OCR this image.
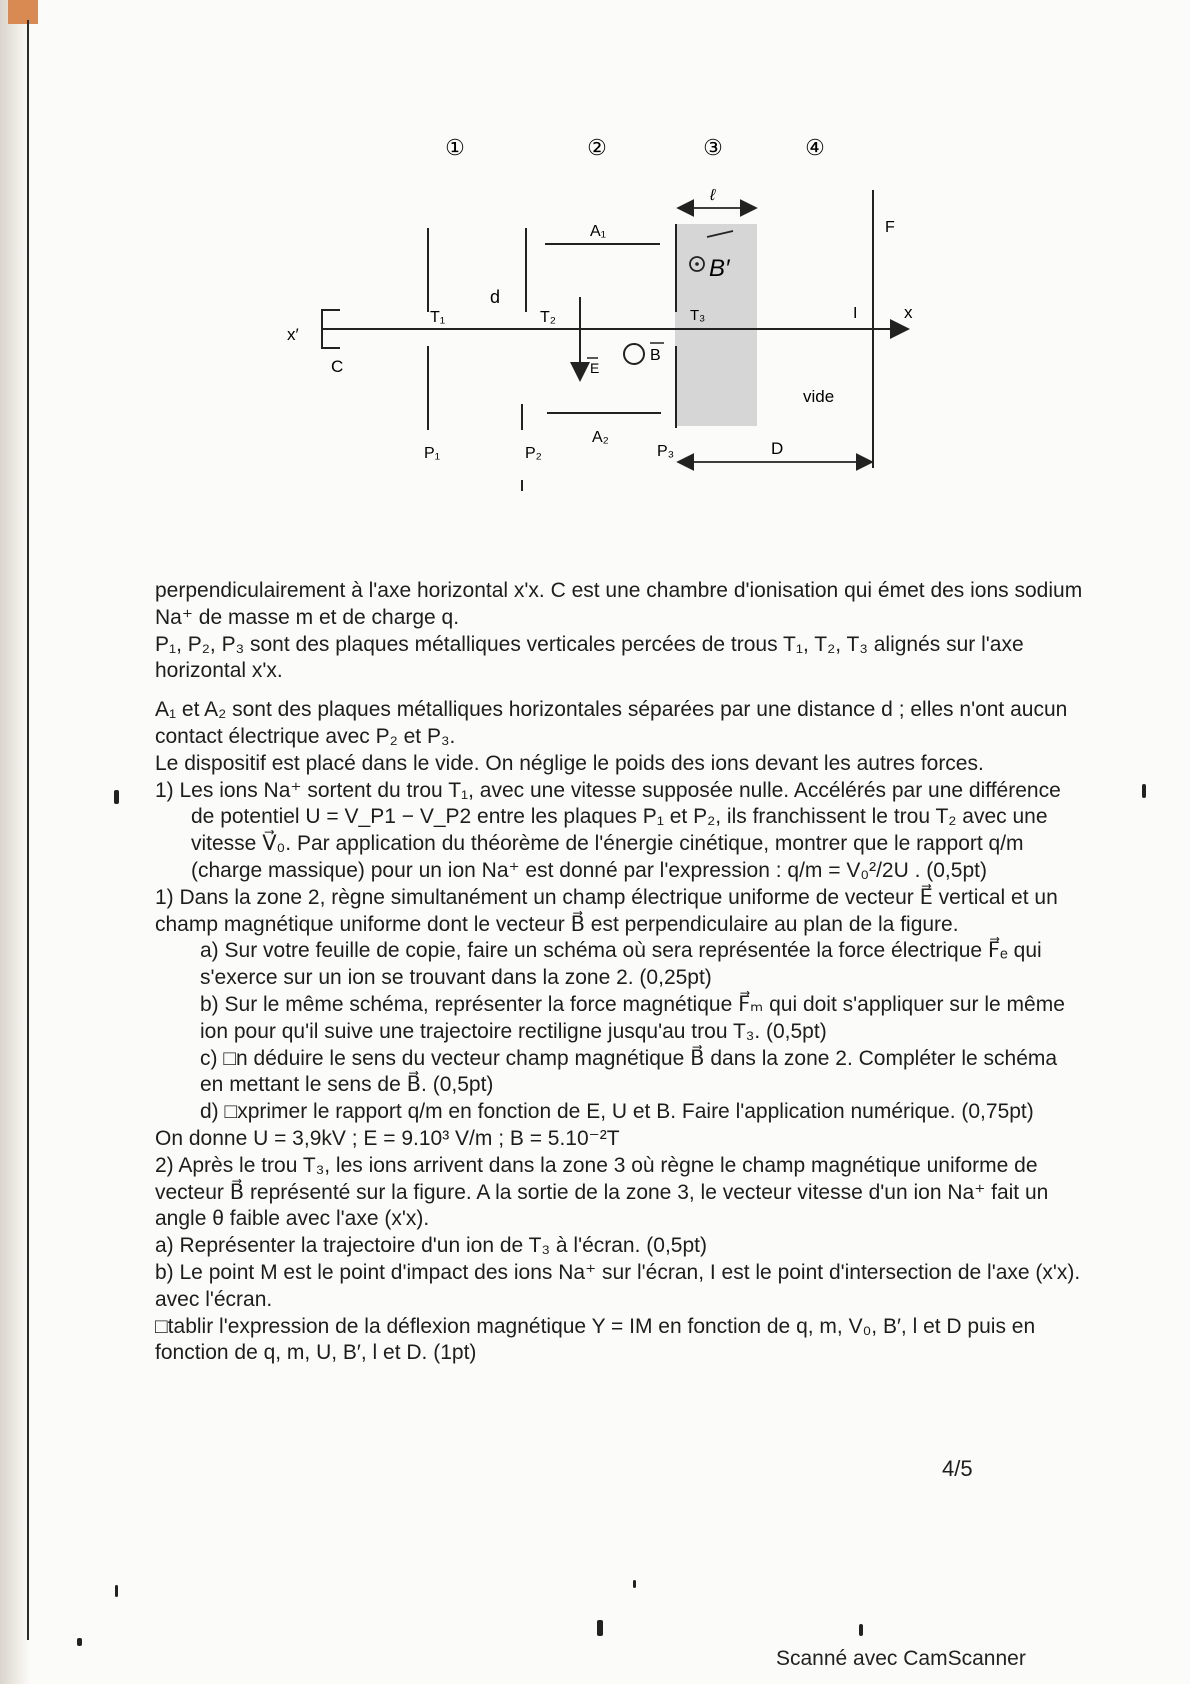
①	②	③	④
C
x′
x
T₁
P₁
d
T₂
P₂
A₁
A₂
E
B
T₃
P₃
B′
ℓ
F
I
vide
D

perpendiculairement à l'axe horizontal x'x. C est une chambre d'ionisation qui émet des ions sodium Na⁺ de masse m et de charge q.

P₁, P₂, P₃ sont des plaques métalliques verticales percées de trous T₁, T₂, T₃ alignés sur l'axe horizontal x'x.

A₁ et A₂ sont des plaques métalliques horizontales séparées par une distance d ; elles n'ont aucun contact électrique avec P₂ et P₃.

Le dispositif est placé dans le vide. On néglige le poids des ions devant les autres forces.

1) Les ions Na⁺ sortent du trou T₁, avec une vitesse supposée nulle. Accélérés par une différence de potentiel U = V_P1 − V_P2 entre les plaques P₁ et P₂, ils franchissent le trou T₂ avec une vitesse V⃗₀. Par application du théorème de l'énergie cinétique, montrer que le rapport q/m (charge massique) pour un ion Na⁺ est donné par l'expression : q/m = V₀²/2U . (0,5pt)

1) Dans la zone 2, règne simultanément un champ électrique uniforme de vecteur E⃗ vertical et un champ magnétique uniforme dont le vecteur B⃗ est perpendiculaire au plan de la figure.

a) Sur votre feuille de copie, faire un schéma où sera représentée la force électrique F⃗ₑ qui s'exerce sur un ion se trouvant dans la zone 2. (0,25pt)

b) Sur le même schéma, représenter la force magnétique F⃗ₘ qui doit s'appliquer sur le même ion pour qu'il suive une trajectoire rectiligne jusqu'au trou T₃. (0,5pt)

c) □n déduire le sens du vecteur champ magnétique B⃗ dans la zone 2. Compléter le schéma en mettant le sens de B⃗. (0,5pt)

d) □xprimer le rapport q/m en fonction de E, U et B. Faire l'application numérique. (0,75pt)

On donne U = 3,9kV ; E = 9.10³ V/m ; B = 5.10⁻²T

2) Après le trou T₃, les ions arrivent dans la zone 3 où règne le champ magnétique uniforme de vecteur B⃗ représenté sur la figure. A la sortie de la zone 3, le vecteur vitesse d'un ion Na⁺ fait un angle θ faible avec l'axe (x'x).

a) Représenter la trajectoire d'un ion de T₃ à l'écran. (0,5pt)

b) Le point M est le point d'impact des ions Na⁺ sur l'écran, I est le point d'intersection de l'axe (x'x). avec l'écran.

□tablir l'expression de la déflexion magnétique Y = IM en fonction de q, m, V₀, B′, l et D puis en fonction de q, m, U, B′, l et D. (1pt)

4/5
Scanné avec CamScanner
